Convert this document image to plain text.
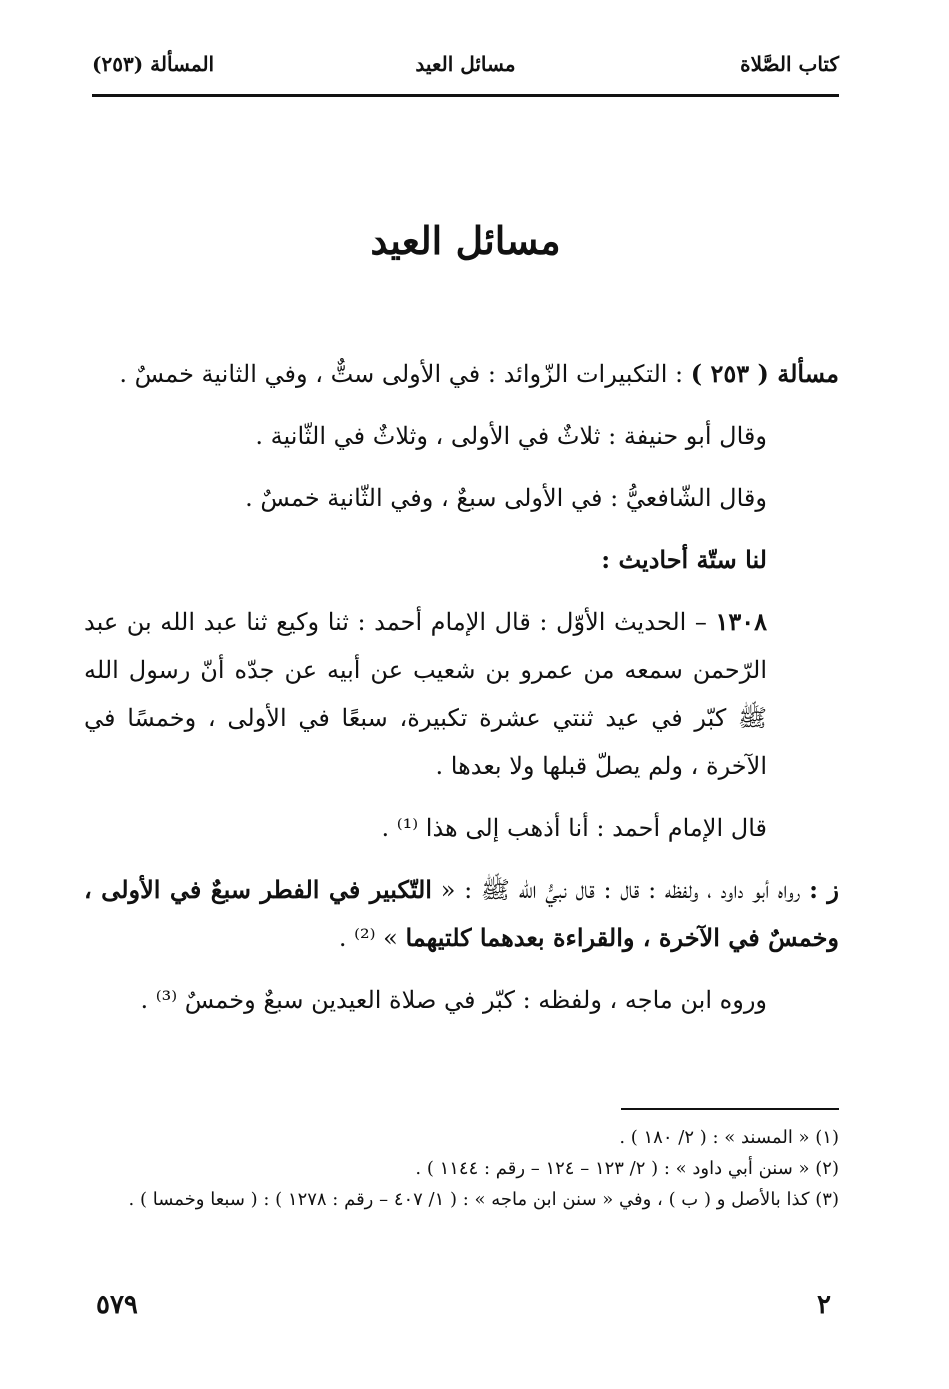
كتاب الصَّلاة
مسائل العيد
المسألة (٢٥٣)
مسائل العيد

مسألة ( ٢٥٣ ) : التكبيرات الزّوائد : في الأولى ستٌّ ، وفي الثانية خمسٌ .

وقال أبو حنيفة : ثلاثٌ في الأولى ، وثلاثٌ في الثّانية .

وقال الشّافعيُّ : في الأولى سبعٌ ، وفي الثّانية خمسٌ .

لنا ستّة أحاديث :

١٣٠٨ – الحديث الأوّل : قال الإمام أحمد : ثنا وكيع ثنا عبد الله بن عبد الرّحمن سمعه من عمرو بن شعيب عن أبيه عن جدّه أنّ رسول الله ﷺ كبّر في عيد ثنتي عشرة تكبيرة، سبعًا في الأولى ، وخمسًا في الآخرة ، ولم يصلّ قبلها ولا بعدها .

قال الإمام أحمد : أنا أذهب إلى هذا ⁽¹⁾ .

ز : رواه أبو داود ، ولفظه : قال : قال نبيُّ الله ﷺ : « التّكبير في الفطر سبعٌ في الأولى ، وخمسٌ في الآخرة ، والقراءة بعدهما كلتيهما » ⁽²⁾ .

وروه ابن ماجه ، ولفظه : كبّر في صلاة العيدين سبعٌ وخمسٌ ⁽³⁾ .

(١) « المسند » : ( ٢/ ١٨٠ ) .

(٢) « سنن أبي داود » : ( ٢/ ١٢٣ – ١٢٤ – رقم : ١١٤٤ ) .

(٣) كذا بالأصل و ( ب ) ، وفي « سنن ابن ماجه » : ( ١/ ٤٠٧ – رقم : ١٢٧٨ ) : ( سبعا وخمسا ) .

٥٧٩	٢
